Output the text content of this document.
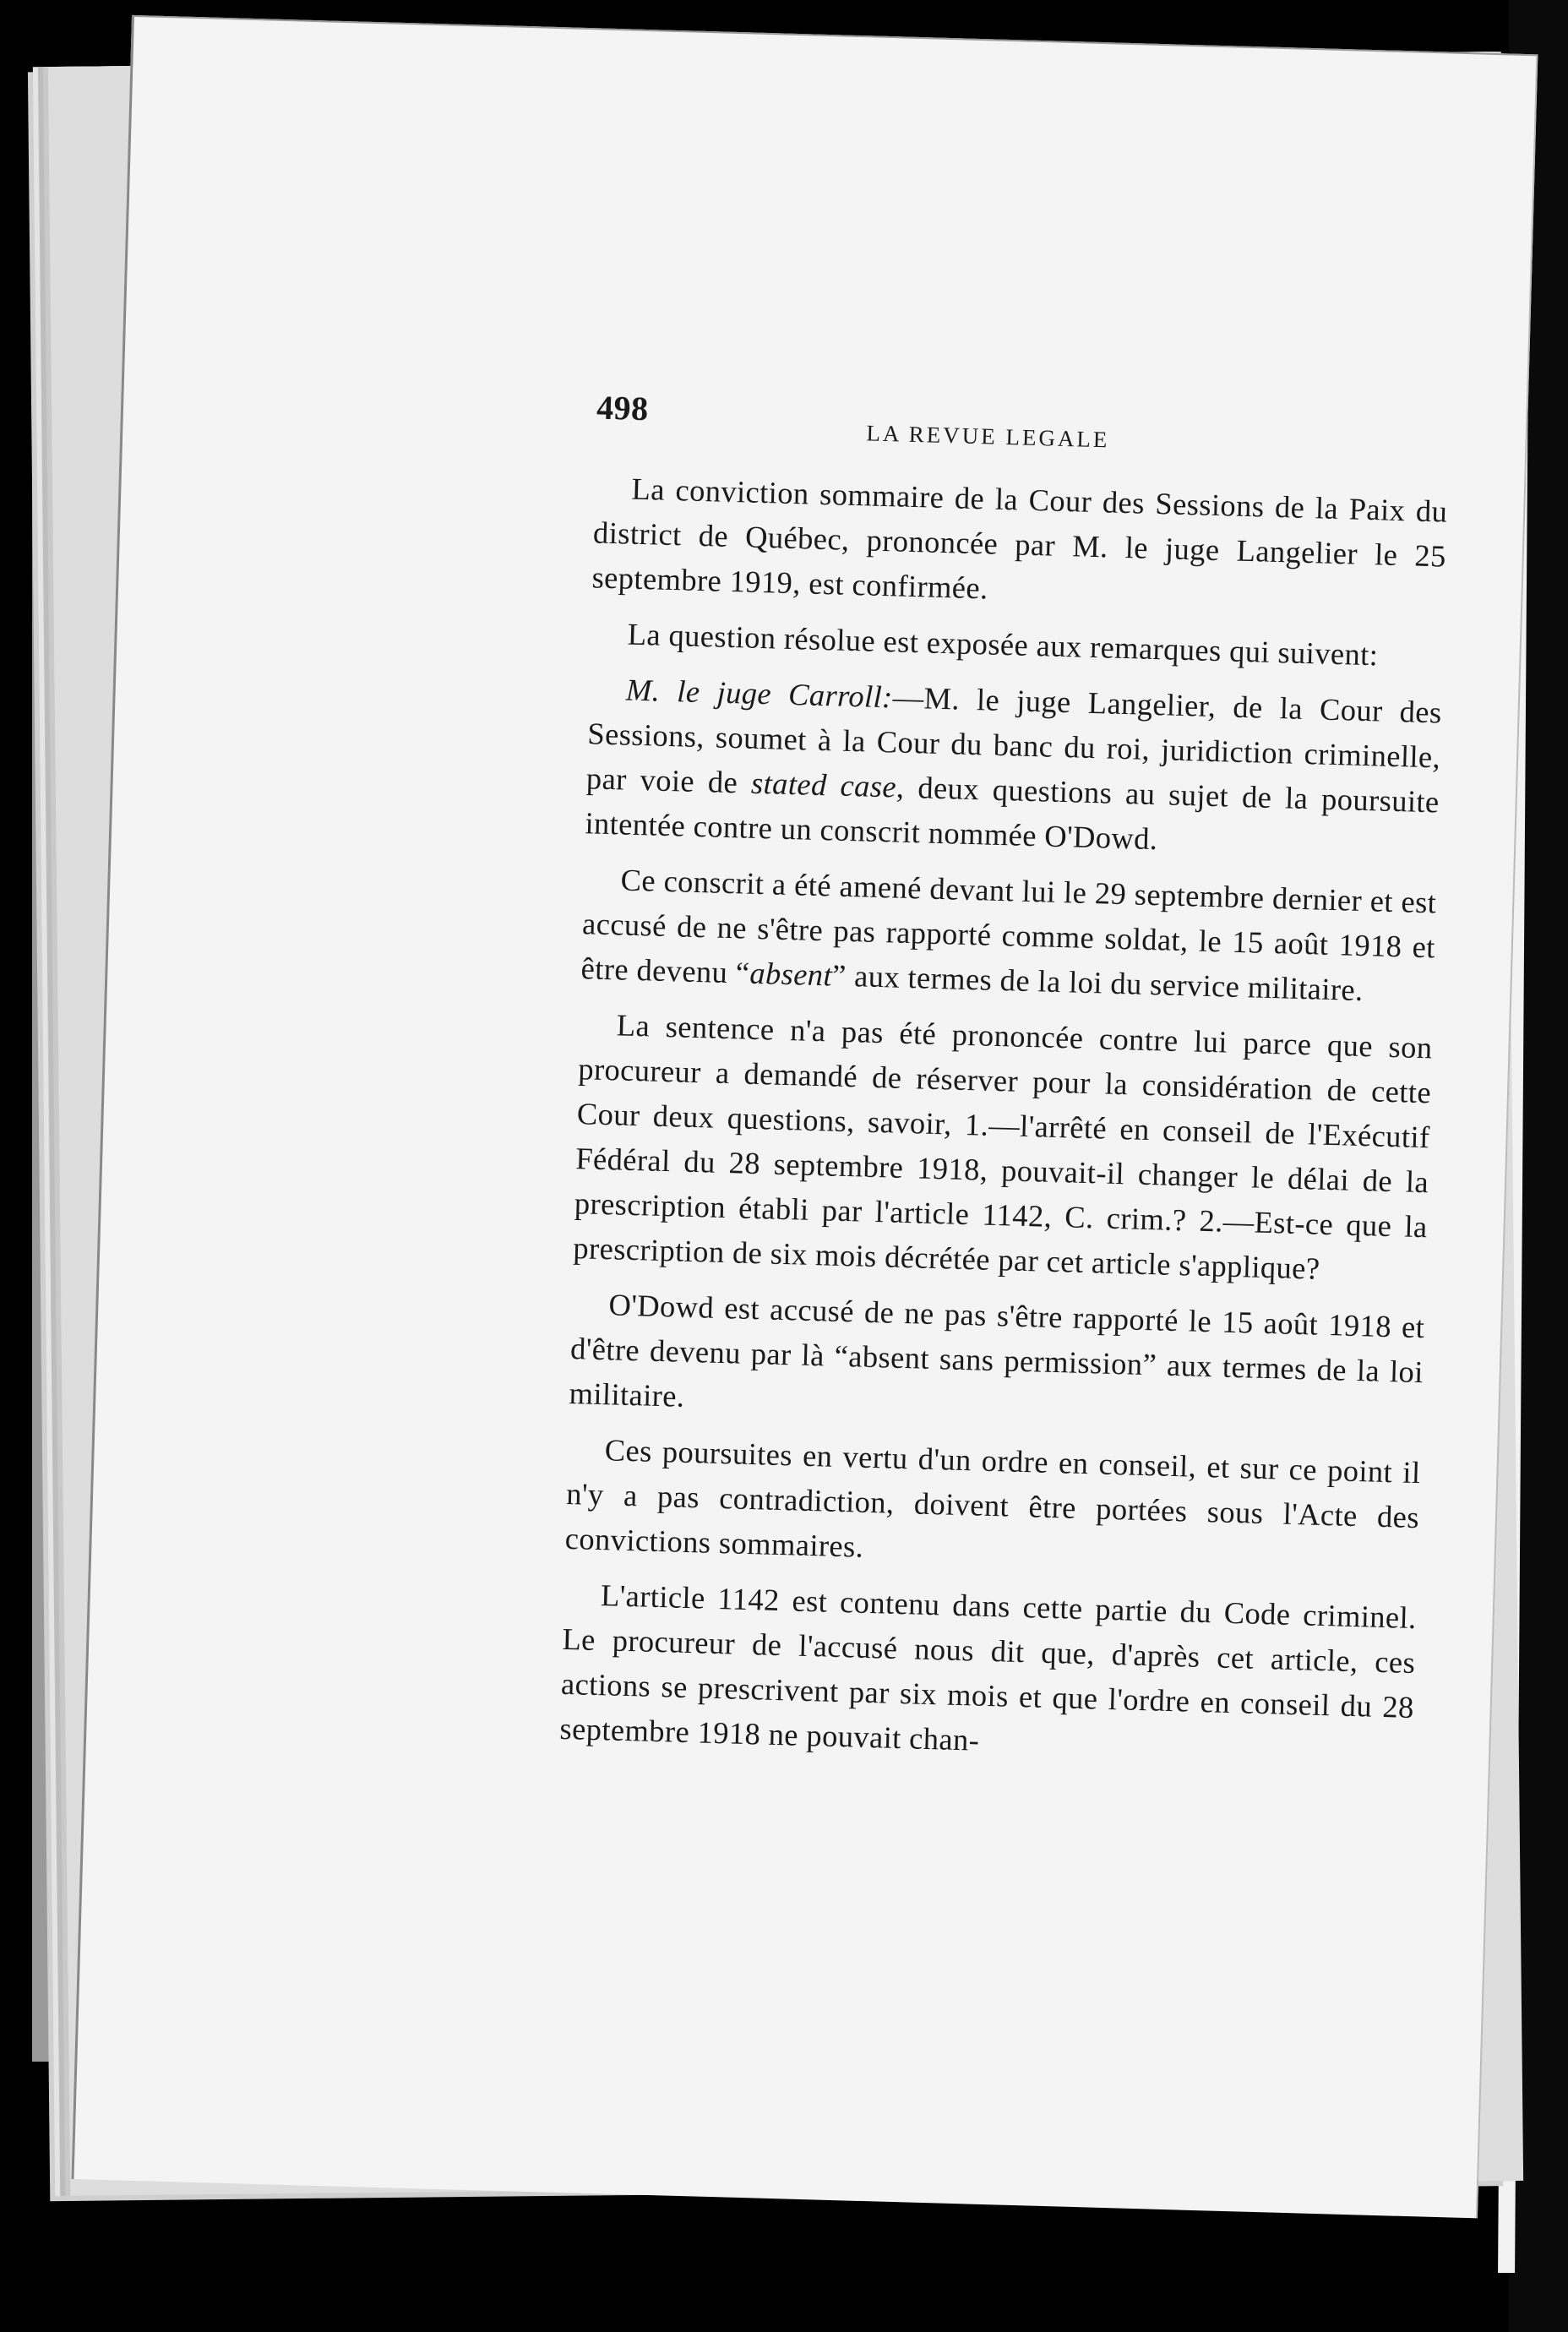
498
LA REVUE LEGALE

La conviction sommaire de la Cour des Sessions de la Paix du district de Québec, prononcée par M. le juge Langelier le 25 septembre 1919, est confirmée.

La question résolue est exposée aux remarques qui suivent:

M. le juge Carroll:—M. le juge Langelier, de la Cour des Sessions, soumet à la Cour du banc du roi, juridiction criminelle, par voie de stated case, deux questions au sujet de la poursuite intentée contre un conscrit nommée O'Dowd.

Ce conscrit a été amené devant lui le 29 septembre dernier et est accusé de ne s'être pas rapporté comme soldat, le 15 août 1918 et être devenu “absent” aux termes de la loi du service militaire.

La sentence n'a pas été prononcée contre lui parce que son procureur a demandé de réserver pour la considération de cette Cour deux questions, savoir, 1.—l'arrêté en conseil de l'Exécutif Fédéral du 28 septembre 1918, pouvait-il changer le délai de la prescription établi par l'article 1142, C. crim.? 2.—Est-ce que la prescription de six mois décrétée par cet article s'applique?

O'Dowd est accusé de ne pas s'être rapporté le 15 août 1918 et d'être devenu par là “absent sans permission” aux termes de la loi militaire.

Ces poursuites en vertu d'un ordre en conseil, et sur ce point il n'y a pas contradiction, doivent être portées sous l'Acte des convictions sommaires.

L'article 1142 est contenu dans cette partie du Code criminel. Le procureur de l'accusé nous dit que, d'après cet article, ces actions se prescrivent par six mois et que l'ordre en conseil du 28 septembre 1918 ne pouvait chan-
